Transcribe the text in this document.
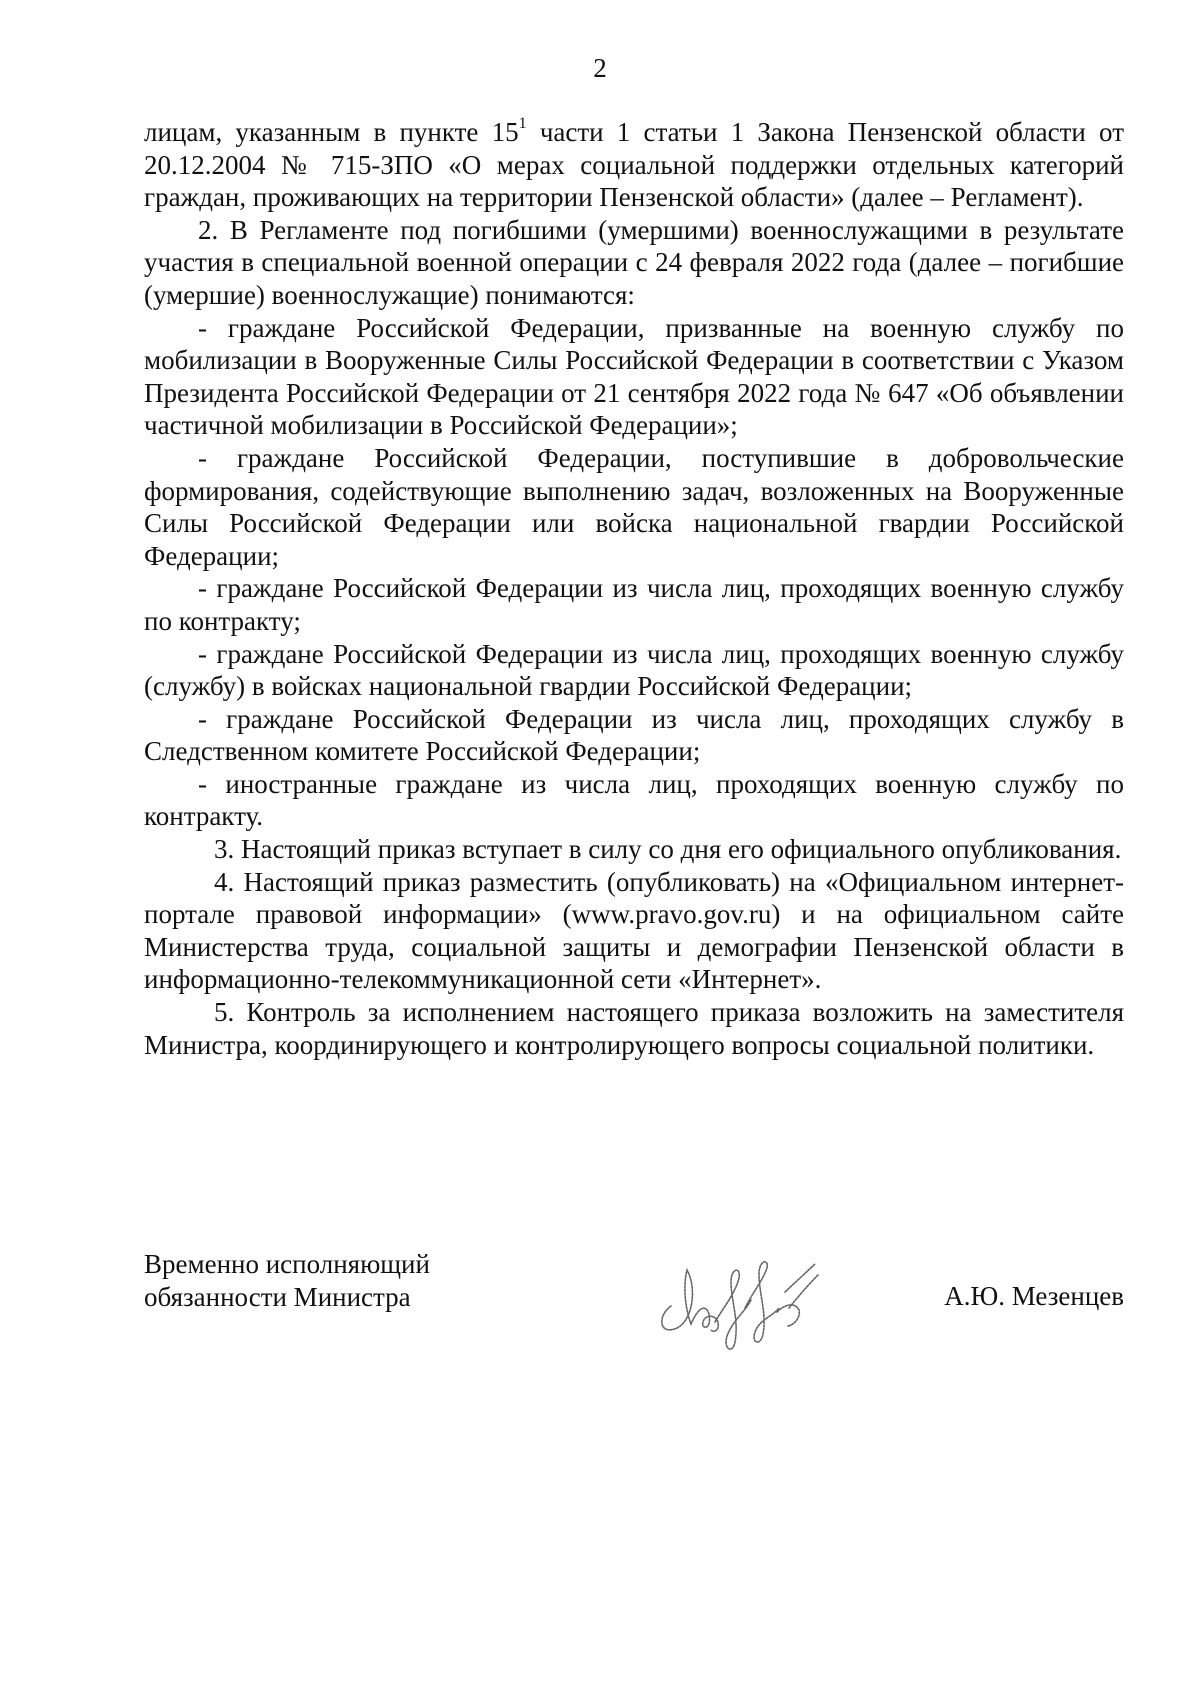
2

лицам, указанным в пункте $15^1$ части 1 статьи 1 Закона Пензенской области от 20.12.2004 № 715-ЗПО «О мерах социальной поддержки отдельных категорий граждан, проживающих на территории Пензенской области» (далее – Регламент).

2. В Регламенте под погибшими (умершими) военнослужащими в результате участия в специальной военной операции с 24 февраля 2022 года (далее – погибшие (умершие) военнослужащие) понимаются:

- граждане Российской Федерации, призванные на военную службу по мобилизации в Вооруженные Силы Российской Федерации в соответствии с Указом Президента Российской Федерации от 21 сентября 2022 года № 647 «Об объявлении частичной мобилизации в Российской Федерации»;

- граждане Российской Федерации, поступившие в добровольческие формирования, содействующие выполнению задач, возложенных на Вооруженные Силы Российской Федерации или войска национальной гвардии Российской Федерации;

- граждане Российской Федерации из числа лиц, проходящих военную службу по контракту;

- граждане Российской Федерации из числа лиц, проходящих военную службу (службу) в войсках национальной гвардии Российской Федерации;

- граждане Российской Федерации из числа лиц, проходящих службу в Следственном комитете Российской Федерации;

- иностранные граждане из числа лиц, проходящих военную службу по контракту.

3. Настоящий приказ вступает в силу со дня его официального опубликования.

4. Настоящий приказ разместить (опубликовать) на «Официальном интернет-портале правовой информации» (www.pravo.gov.ru) и на официальном сайте Министерства труда, социальной защиты и демографии Пензенской области в информационно-телекоммуникационной сети «Интернет».

5. Контроль за исполнением настоящего приказа возложить на заместителя Министра, координирующего и контролирующего вопросы социальной политики.

Временно исполняющий
обязанности Министра	А.Ю. Мезенцев
